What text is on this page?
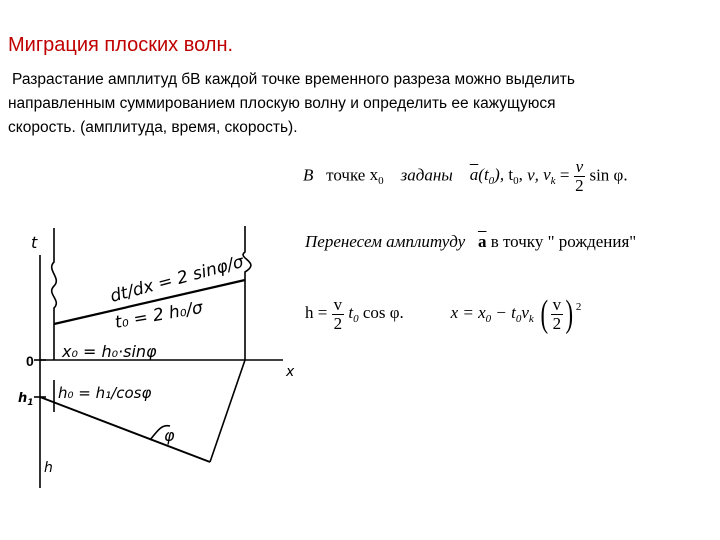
Миграция плоских волн.
Разрастание амплитуд бВ каждой точке временного разреза можно выделить
направленным суммированием плоскую волну и определить ее кажущуюся
скорость. (амплитуда, время, скорость).
В точке $x_0$ заданы $\overline{a}(t_0)$, $t_0$, ν, $v_k = \frac{v}{2}$ sin φ.
Перенесем амплитуду $\overline{a}$ в точку " рождения"
$h = \frac{v}{2} t_0$ cos φ.	$x = x_0 - t_0v_k$ ( $\frac{v}{2}$ ) $^2$
t
0
x
$h_1$
h
dt/dx = 2 sinφ/σ
t₀ = 2 h₀/σ
x₀ = h₀·sinφ
h₀ = h₁/cosφ
φ
